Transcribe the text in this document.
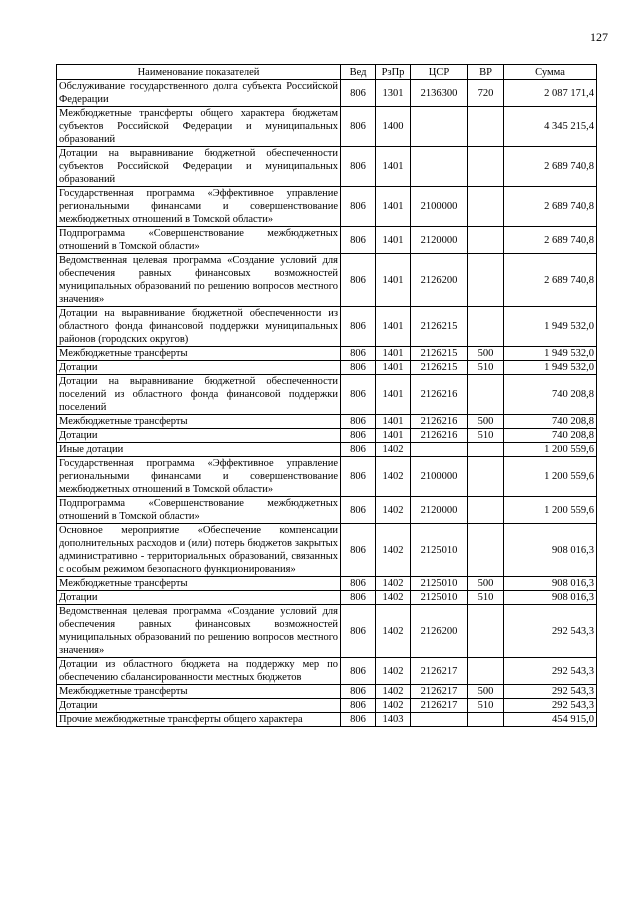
127
Наименование показателей	Вед	РзПр	ЦСР	ВР	Сумма
Обслуживание государственного долга субъекта Российской Федерации	806	1301	2136300	720	2 087 171,4
Межбюджетные трансферты общего характера бюджетам субъектов Российской Федерации и муниципальных образований	806	1400			4 345 215,4
Дотации на выравнивание бюджетной обеспеченности субъектов Российской Федерации и муниципальных образований	806	1401			2 689 740,8
Государственная программа «Эффективное управление региональными финансами и совершенствование межбюджетных отношений в Томской области»	806	1401	2100000		2 689 740,8
Подпрограмма «Совершенствование межбюджетных отношений в Томской области»	806	1401	2120000		2 689 740,8
Ведомственная целевая программа «Создание условий для обеспечения равных финансовых возможностей муниципальных образований по решению вопросов местного значения»	806	1401	2126200		2 689 740,8
Дотации на выравнивание бюджетной обеспеченности из областного фонда финансовой поддержки муниципальных районов (городских округов)	806	1401	2126215		1 949 532,0
Межбюджетные трансферты	806	1401	2126215	500	1 949 532,0
Дотации	806	1401	2126215	510	1 949 532,0
Дотации на выравнивание бюджетной обеспеченности поселений из областного фонда финансовой поддержки поселений	806	1401	2126216		740 208,8
Межбюджетные трансферты	806	1401	2126216	500	740 208,8
Дотации	806	1401	2126216	510	740 208,8
Иные дотации	806	1402			1 200 559,6
Государственная программа «Эффективное управление региональными финансами и совершенствование межбюджетных отношений в Томской области»	806	1402	2100000		1 200 559,6
Подпрограмма «Совершенствование межбюджетных отношений в Томской области»	806	1402	2120000		1 200 559,6
Основное мероприятие «Обеспечение компенсации дополнительных расходов и (или) потерь бюджетов закрытых административно - территориальных образований, связанных с особым режимом безопасного функционирования»	806	1402	2125010		908 016,3
Межбюджетные трансферты	806	1402	2125010	500	908 016,3
Дотации	806	1402	2125010	510	908 016,3
Ведомственная целевая программа «Создание условий для обеспечения равных финансовых возможностей муниципальных образований по решению вопросов местного значения»	806	1402	2126200		292 543,3
Дотации из областного бюджета на поддержку мер по обеспечению сбалансированности местных бюджетов	806	1402	2126217		292 543,3
Межбюджетные трансферты	806	1402	2126217	500	292 543,3
Дотации	806	1402	2126217	510	292 543,3
Прочие межбюджетные трансферты общего характера	806	1403			454 915,0
